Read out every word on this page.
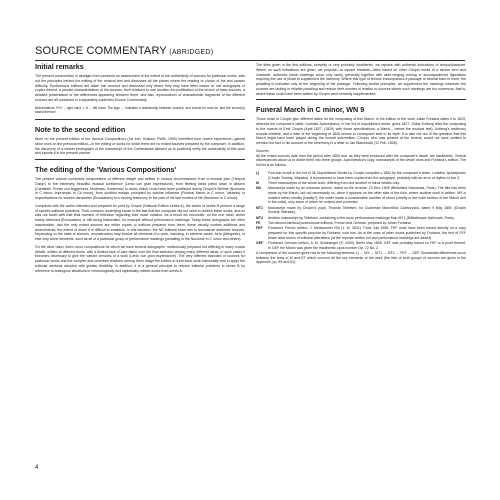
SOURCE COMMENTARY (ABRIDGED)
Initial remarks

The present commentary in abridged form presents an assessment of the extent of the authenticity of sources for particular works, sets out the principles behind the editing of the musical text and discusses all the places where the reading or choice of the text causes difficulty. Posthumous editions are taken into account and discussed only where they may have been based on lost autographs or copies thereof. A precise characterisation of the sources, their relations to one another, the justification of the choice of basic sources, a detailed presentation of the differences appearing between them, and also reproductions of characteristic fragments of the different sources are all contained in a separately published Source Commentary.

Abbreviations: R.H. – right hand, L.H. – left hand. The sign → indicates a relationship between sources, and should be read as 'and the source(s) based thereon'.

Note to the second edition

Work on the present edition of the Various Compositions (1st edn. Kraków: PWM, 1990) benefited from recent experience—gained since work on the previous edition—in the editing of works for which there are no extant sources prepared by the composer. In addition, the discovery of a clearer photograph of the manuscript of the Contredanse allowed us to positively verify the authenticity of this work and include it in the present volume.

The editing of the 'Various Compositions'

The present volume comprises compositions of different weight and written in various circumstances: from a musical joke ('Hexpuil Galop') to the extremely beautiful musical confidence (Lento con gran espressione), from fleeting ideas jotted down in albums (Cantabile, Presto con leggerezza, Moderato, Sostenuto) to works which could have been published during Chopin's lifetime (Nocturne in C minor, Impromptu in C# minor), from youthful essays prompted by outside influence (Funeral March in C minor, Variants) or improvisations for soirées dansantes (Écossaises) to a moving testimony to the pain of his last months of life (Nocturne in C minor).

Compared with the works intended and prepared for print by Chopin (National Edition series A), the works of series B present a range of specific editorial problems. Their common underlying cause is the fact that the composer did not seek to publish these works, and so was not faced with that final moment of reflection regarding their exact notation. As a result we encounter, on the one hand, works barely sketched (Écossaises) or still being elaborated, for example without performance markings. Today these autographs are often inaccessible, and the only extant sources are either copies or editions prepared from them; these usually contain additions and amendments, the extent of which it is difficult to establish. In this situation, the NE editorial team aim to reconstruct authentic sources. Depending on the state of sources, reconstruction may involve all elements of a work, including, in extreme cases, form (Allegretto), or else only some elements, such as all or a particular group of performance markings (pedalling in the Nocturne in C minor and others).

On the other hand, there occur compositions for which we have several autographs, meticulously prepared but differing in many crucial details, written at different times, with a distinct lack of care taken over the final selection among many different ideas. In such cases it becomes necessary to give the variant versions of a work (Lento con gran espressione). The very different standard of sources for particular works and the complex and uncertain relations among them oblige the editors to treat each work individually and to apply the editorial methods adopted with greater flexibility. In addition, it is a general principle to resolve editorial problems in series B by reference to analogous situations in chronologically and stylistically related works from series A.

The titles given in the first editions, certainly or very probably inauthentic, we replace with authentic indications of tempo/character. Where no such indications are given, we propose—in square brackets—titles based on other Chopin works of a similar form and character. Authentic pedal markings occur only rarely, generally together with wide-ranging voicing or accompaniment figurations requiring the use of pedal to supplement the harmony. Where this type of texture encompasses a passage of several bars or more, the pedalling is indicated only at the beginning of the passage. Following similar principles, we supplement the markings wherever the sources are lacking in reliable pedalling and reduce their number in relation to sources where such markings are too numerous, that is, where these could have been written by Chopin were certainly supplemented.

Funeral March in C minor, WN 9

Those close to Chopin give different dates for the composing of this March. In his edition of the work Julian Fontana dates it to 1829, whereas the composer's sister, Ludwika Jędrzejewicz, in her list of unpublished works, gives 1827. Oskar Kolberg links the composing to the funeral of Emil Chopin (April 1827, (1829) with those specifications: a March... before the musical text). Kolberg's testimony sounds credible, and a date of the beginning of 1826 seems to correspond best to its style. It is also not out of the question that this March might have been played during the funeral solemnities. Chopin, who was present at the funeral, would not have omitted to mention the fact in his account of the ceremony in a letter to Jan Białobłocki (12 Feb. 1826).

Sources

All the extant sources date from the period after 1850 and, as they were produced after the composer's death, are inauthentic. Textual discrepancies allow us to divide them into three groups: Jędrzejewicz's copy, manuscripts of the whole work and Fontana's edition. The full list is as follows:

Lj	Four-bar incipit in the list of 36 Unpublished Works by Chopin compiled c.1854 by the composer's sister, Ludwika Jędrzejewicz (Chopin Society, Warsaw). It is presumed to have been copied from the autograph, probably with an error of rhythm in bar 3.
M	Three manuscripts of the whole work, differing from one another in minor details only:
MX	Manuscript made by an unknown person, dated on the reverse: 23 Nov. 1849 (Biblioteka Narodowa, Paris). The title has been made by the March, but not necessarily so, since it appears on the other side of the folio, where another work is written. MX is notated rather untidily (hastily?); the writer made a considerable number of errors (chiefly in the main section of the March and in the coda), only some of which he noticed and corrected.
MT1	Manuscript made by Chopin's pupil, Thomas Tellefsen, for Duchesse Marcellina Czartoryska, dated 9 May 1850 (Chopin Society, Warsaw).
MT2	Another manuscript by Tellefsen, containing a few more performance markings than MT1 (Bibliothèque Nationale, Paris).
FE	Two almost identical posthumous editions, French and German, prepared by Julian Fontana:
FEF	Fontana's French edition, J. Meissonnier Fils (J. M. 3531), Paris July 1855. FEF must have been based directly on a copy prepared for this specific purpose by Fontana, now lost. As in the case of other works published by Fontana, the text of FEF bears clear traces of editorial alterations (of the repeats written out and performance markings are added).
GEF	Fontana's German edition, A. M. Schlesinger (S. 4400), Berlin May 1855. GEF was probably based on FEF or a proof thereof. In GEF the March was given the inauthentic opus number Op. 72 No. 2.

A comparison of the sources gives rise to the following stemma: Lj → MX → MT1 → MT2 → FEF → GEF. Substantial differences occur between the texts of M and EF which concern all the key elements of the work (the lists of both groups of sources are given in the Appendix, pp. 89 and 61).

4
